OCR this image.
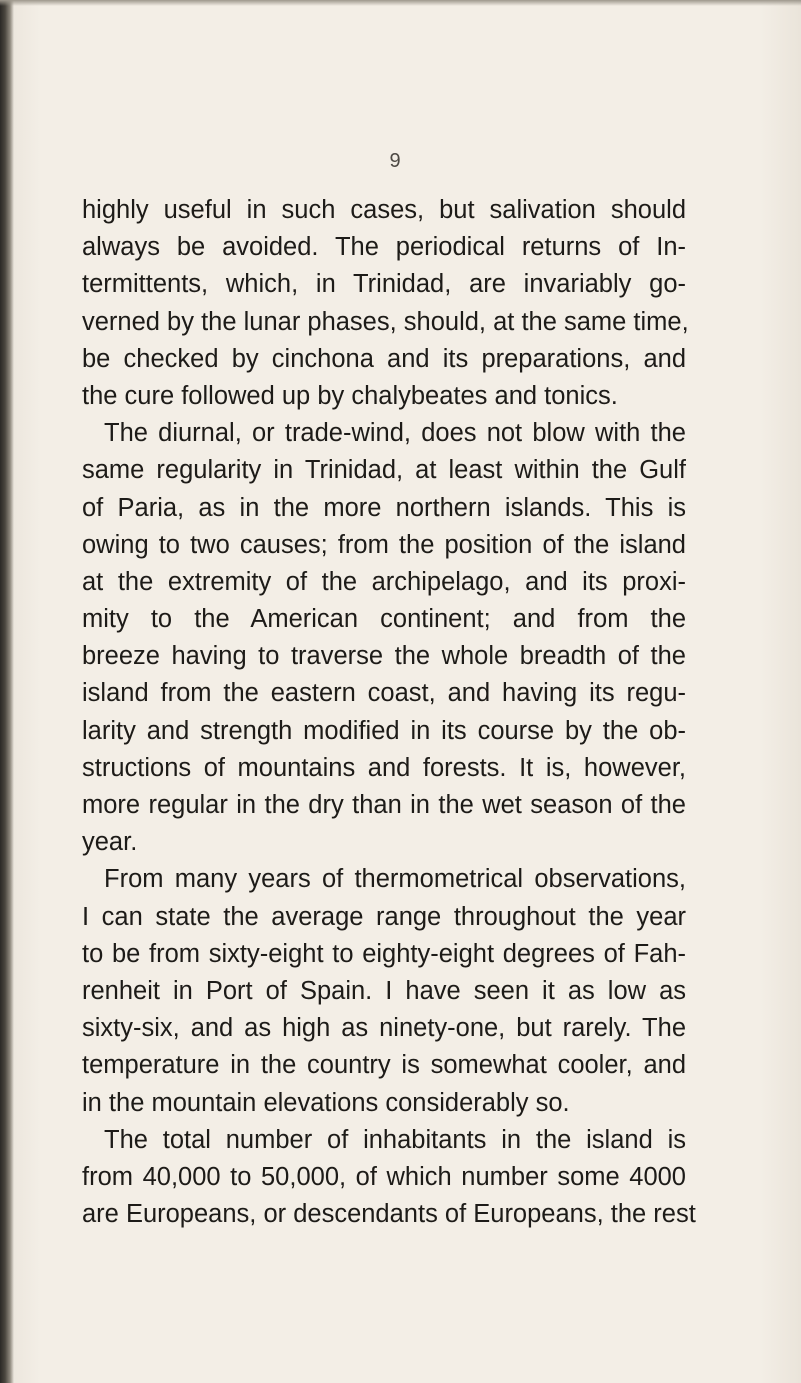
9
highly useful in such cases, but salivation should
always be avoided. The periodical returns of In-
termittents, which, in Trinidad, are invariably go-
verned by the lunar phases, should, at the same time,
be checked by cinchona and its preparations, and
the cure followed up by chalybeates and tonics.
The diurnal, or trade-wind, does not blow with the
same regularity in Trinidad, at least within the Gulf
of Paria, as in the more northern islands. This is
owing to two causes; from the position of the island
at the extremity of the archipelago, and its proxi-
mity to the American continent; and from the
breeze having to traverse the whole breadth of the
island from the eastern coast, and having its regu-
larity and strength modified in its course by the ob-
structions of mountains and forests. It is, however,
more regular in the dry than in the wet season of the
year.
From many years of thermometrical observations,
I can state the average range throughout the year
to be from sixty-eight to eighty-eight degrees of Fah-
renheit in Port of Spain. I have seen it as low as
sixty-six, and as high as ninety-one, but rarely. The
temperature in the country is somewhat cooler, and
in the mountain elevations considerably so.
The total number of inhabitants in the island is
from 40,000 to 50,000, of which number some 4000
are Europeans, or descendants of Europeans, the rest
